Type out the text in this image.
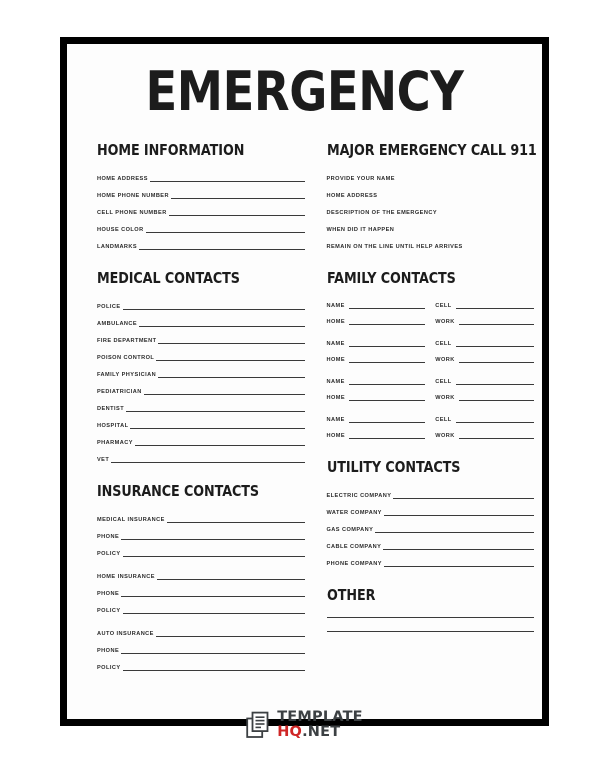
EMERGENCY
HOME INFORMATION
HOME ADDRESS
HOME PHONE NUMBER
CELL PHONE NUMBER
HOUSE COLOR
LANDMARKS
MEDICAL CONTACTS
POLICE
AMBULANCE
FIRE DEPARTMENT
POISON CONTROL
FAMILY PHYSICIAN
PEDIATRICIAN
DENTIST
HOSPITAL
PHARMACY
VET
INSURANCE CONTACTS
MEDICAL INSURANCE
PHONE
POLICY
HOME INSURANCE
PHONE
POLICY
AUTO INSURANCE
PHONE
POLICY
MAJOR EMERGENCY CALL 911
PROVIDE YOUR NAME
HOME ADDRESS
DESCRIPTION OF THE EMERGENCY
WHEN DID IT HAPPEN
REMAIN ON THE LINE UNTIL HELP ARRIVES
FAMILY CONTACTS
NAME	CELL
HOME	WORK
NAME	CELL
HOME	WORK
NAME	CELL
HOME	WORK
NAME	CELL
HOME	WORK
UTILITY CONTACTS
ELECTRIC COMPANY
WATER COMPANY
GAS COMPANY
CABLE COMPANY
PHONE COMPANY
OTHER
TEMPLATE
HQ.NET
